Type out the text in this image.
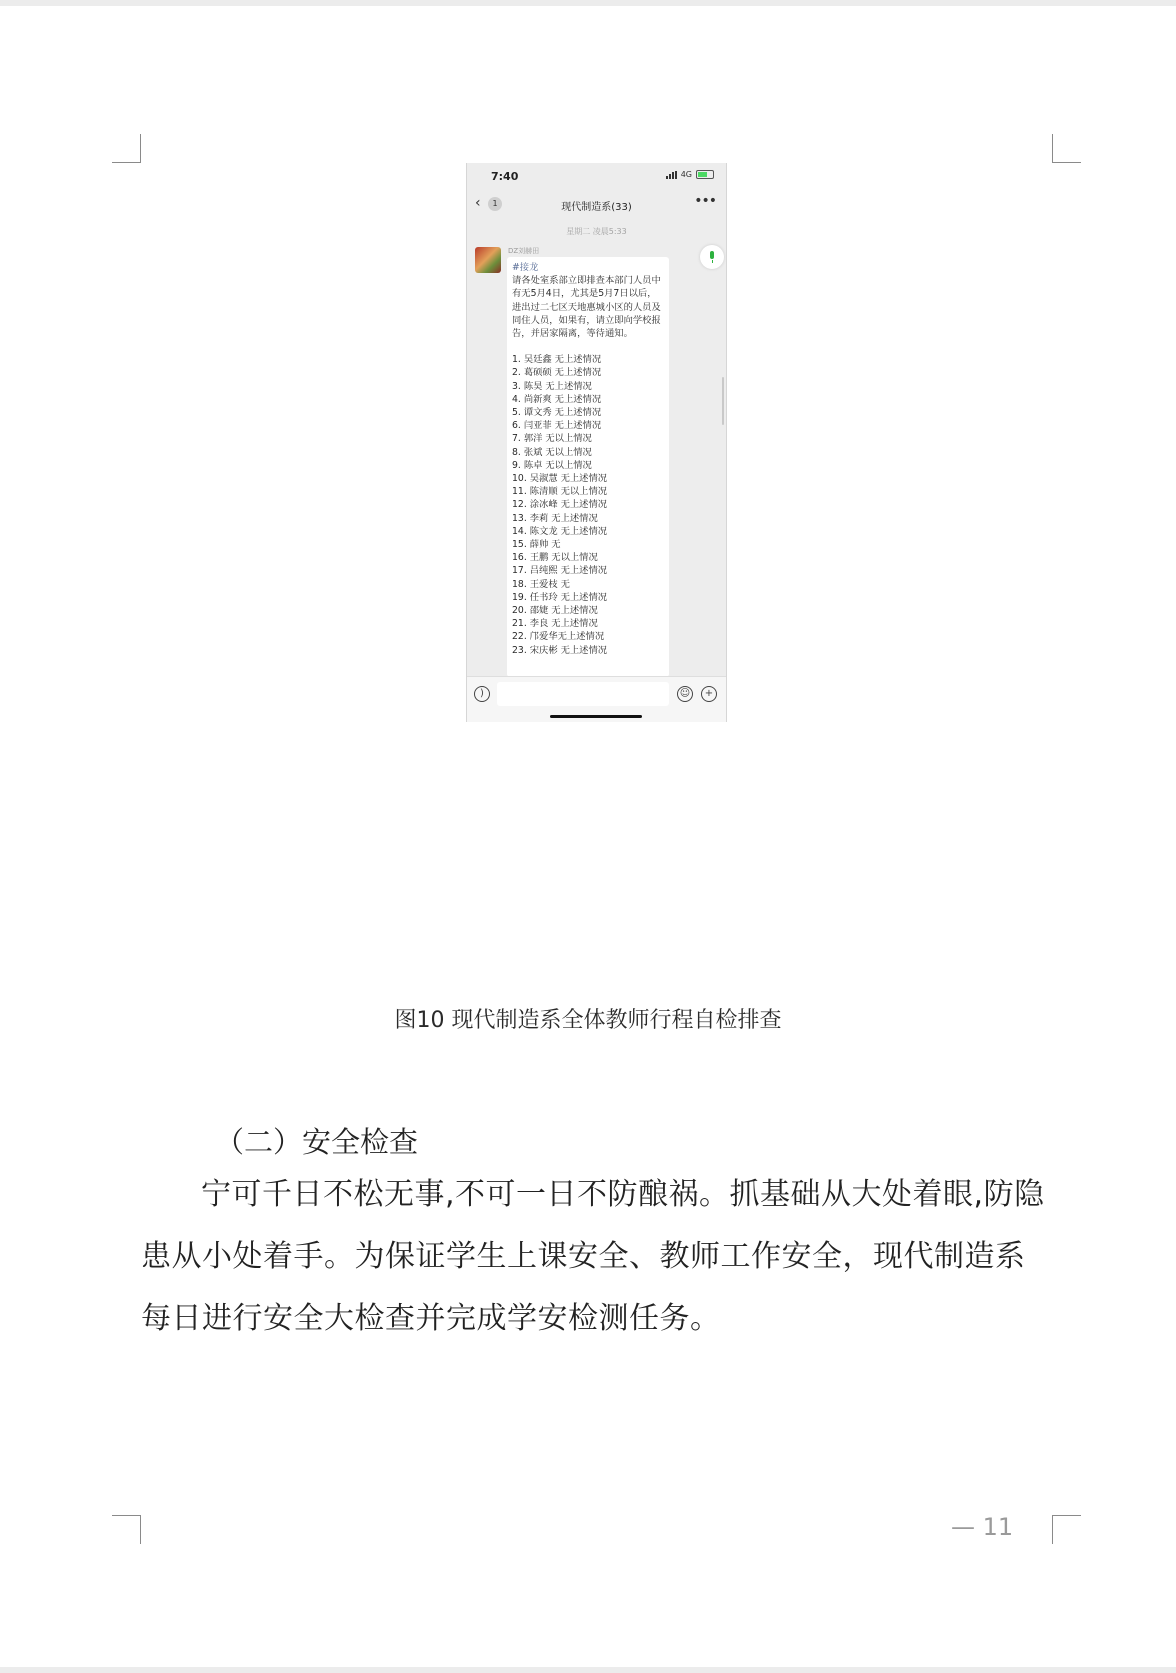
7:40	4G
‹	1	现代制造系(33)	•••
星期二 凌晨5:33
DZ刘赫田
#接龙

请各处室系部立即排查本部门人员中有无5月4日，尤其是5月7日以后，进出过二七区天地惠城小区的人员及同住人员，如果有，请立即向学校报告，并居家隔离，等待通知。

1. 吴廷鑫 无上述情况
2. 葛硕硕 无上述情况
3. 陈昊 无上述情况
4. 尚新爽 无上述情况
5. 谭文秀 无上述情况
6. 闫亚菲 无上述情况
7. 郭洋 无以上情况
8. 张斌 无以上情况
9. 陈卓 无以上情况
10. 吴淑慧 无上述情况
11. 陈清顺 无以上情况
12. 涂冰峰 无上述情况
13. 李莉 无上述情况
14. 陈文龙 无上述情况
15. 薛帅 无
16. 王鹏 无以上情况
17. 吕纯熙 无上述情况
18. 王爱枝 无
19. 任书玲 无上述情况
20. 邵婕 无上述情况
21. 李良 无上述情况
22. 邝爱华无上述情况
23. 宋庆彬 无上述情况
)	☺	+
图10 现代制造系全体教师行程自检排查
（二）安全检查
宁可千日不松无事,不可一日不防酿祸。抓基础从大处着眼,防隐患从小处着手。为保证学生上课安全、教师工作安全，现代制造系每日进行安全大检查并完成学安检测任务。
— 11
